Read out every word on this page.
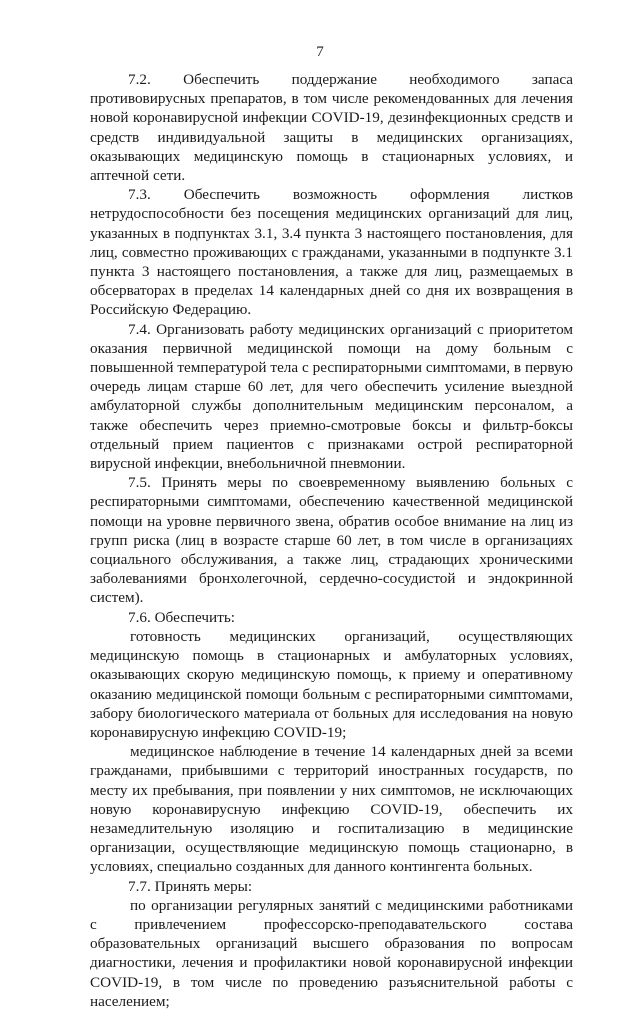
7

7.2. Обеспечить поддержание необходимого запаса противовирусных препаратов, в том числе рекомендованных для лечения новой коронавирусной инфекции COVID-19, дезинфекционных средств и средств индивидуальной защиты в медицинских организациях, оказывающих медицинскую помощь в стационарных условиях, и аптечной сети.

7.3. Обеспечить возможность оформления листков нетрудоспособности без посещения медицинских организаций для лиц, указанных в подпунктах 3.1, 3.4 пункта 3 настоящего постановления, для лиц, совместно проживающих с гражданами, указанными в подпункте 3.1 пункта 3 настоящего постановления, а также для лиц, размещаемых в обсерваторах в пределах 14 календарных дней со дня их возвращения в Российскую Федерацию.

7.4. Организовать работу медицинских организаций с приоритетом оказания первичной медицинской помощи на дому больным с повышенной температурой тела с респираторными симптомами, в первую очередь лицам старше 60 лет, для чего обеспечить усиление выездной амбулаторной службы дополнительным медицинским персоналом, а также обеспечить через приемно-смотровые боксы и фильтр-боксы отдельный прием пациентов с признаками острой респираторной вирусной инфекции, внебольничной пневмонии.

7.5. Принять меры по своевременному выявлению больных с респираторными симптомами, обеспечению качественной медицинской помощи на уровне первичного звена, обратив особое внимание на лиц из групп риска (лиц в возрасте старше 60 лет, в том числе в организациях социального обслуживания, а также лиц, страдающих хроническими заболеваниями бронхолегочной, сердечно-сосудистой и эндокринной систем).

7.6. Обеспечить:

готовность медицинских организаций, осуществляющих медицинскую помощь в стационарных и амбулаторных условиях, оказывающих скорую медицинскую помощь, к приему и оперативному оказанию медицинской помощи больным с респираторными симптомами, забору биологического материала от больных для исследования на новую коронавирусную инфекцию COVID-19;

медицинское наблюдение в течение 14 календарных дней за всеми гражданами, прибывшими с территорий иностранных государств, по месту их пребывания, при появлении у них симптомов, не исключающих новую коронавирусную инфекцию COVID-19, обеспечить их незамедлительную изоляцию и госпитализацию в медицинские организации, осуществляющие медицинскую помощь стационарно, в условиях, специально созданных для данного контингента больных.

7.7. Принять меры:

по организации регулярных занятий с медицинскими работниками с привлечением профессорско-преподавательского состава образовательных организаций высшего образования по вопросам диагностики, лечения и профилактики новой коронавирусной инфекции COVID-19, в том числе по проведению разъяснительной работы с населением;
